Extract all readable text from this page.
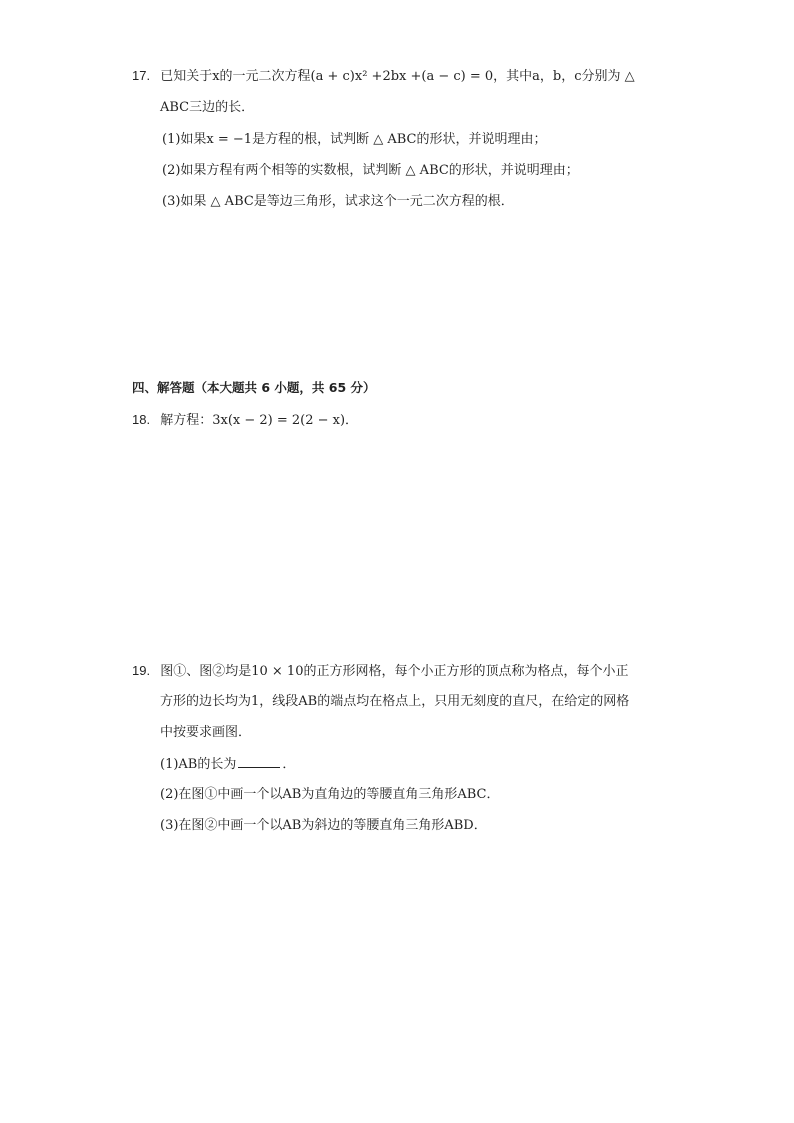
17. 已知关于x的一元二次方程(a + c)x² +2bx +(a − c) = 0，其中a，b，c分别为 △
ABC三边的长．
(1)如果x = −1是方程的根，试判断 △ ABC的形状，并说明理由；
(2)如果方程有两个相等的实数根，试判断 △ ABC的形状，并说明理由；
(3)如果 △ ABC是等边三角形，试求这个一元二次方程的根．
四、解答题（本大题共 6 小题，共 65 分）
18. 解方程：3x(x − 2) = 2(2 − x)．
19. 图①、图②均是10 × 10的正方形网格，每个小正方形的顶点称为格点，每个小正
方形的边长均为1，线段AB的端点均在格点上，只用无刻度的直尺，在给定的网格
中按要求画图．
(1)AB的长为	．
(2)在图①中画一个以AB为直角边的等腰直角三角形ABC．
(3)在图②中画一个以AB为斜边的等腰直角三角形ABD．
